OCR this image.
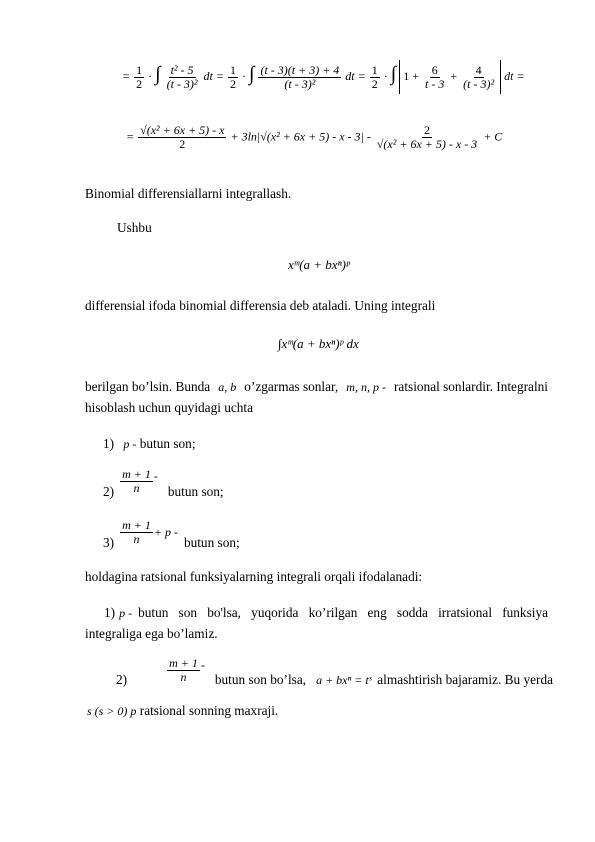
= $\frac{1}{2}$ · ∫ $\frac{\text{t² - 5}}{\text{(t - 3)²}}$ dt = $\frac{1}{2}$ · ∫ $\frac{(t - 3)(t + 3) + 4}{\text{(t - 3)²}}$ dt = $\frac{1}{2}$ · ∫ $1 + \frac{6}{t - 3} + \frac{4}{\text{(t - 3)²}}$ dt =
= $\frac{\text{√(x² + 6x + 5) - x}}{2} + 3\ln|√(x^2 + 6x + 5) - x - 3| - \frac{2}{\text{√(x² + 6x + 5) - x - 3}} + C$
Binomial differensiallarni integrallash.
Ushbu
xᵐ(a + bxⁿ)ᵖ
differensial ifoda binomial differensia deb ataladi. Uning integrali
∫xᵐ(a + bxⁿ)ᵖ dx
berilgan bo’lsin. Bunda a, b o’zgarmas sonlar, m, n, p - ratsional sonlardir. Integralni
hisoblash uchun quyidagi uchta
1) p - butun son;
$2) \frac{m + 1}{n}$ -
butun son;
$3) \frac{m + 1}{n} + p$ -
butun son;
holdagina ratsional funksiyalarning integrali orqali ifodalanadi:
1) p - butun son bo'lsa, yuqorida ko’rilgan eng sodda irratsional funksiya
integraliga ega bo’lamiz.
2)	$\frac{m + 1}{n}$ -
butun son bo’lsa, a + bxⁿ = tˢ almashtirish bajaramiz. Bu yerda
s (s > 0) p ratsional sonning maxraji.
